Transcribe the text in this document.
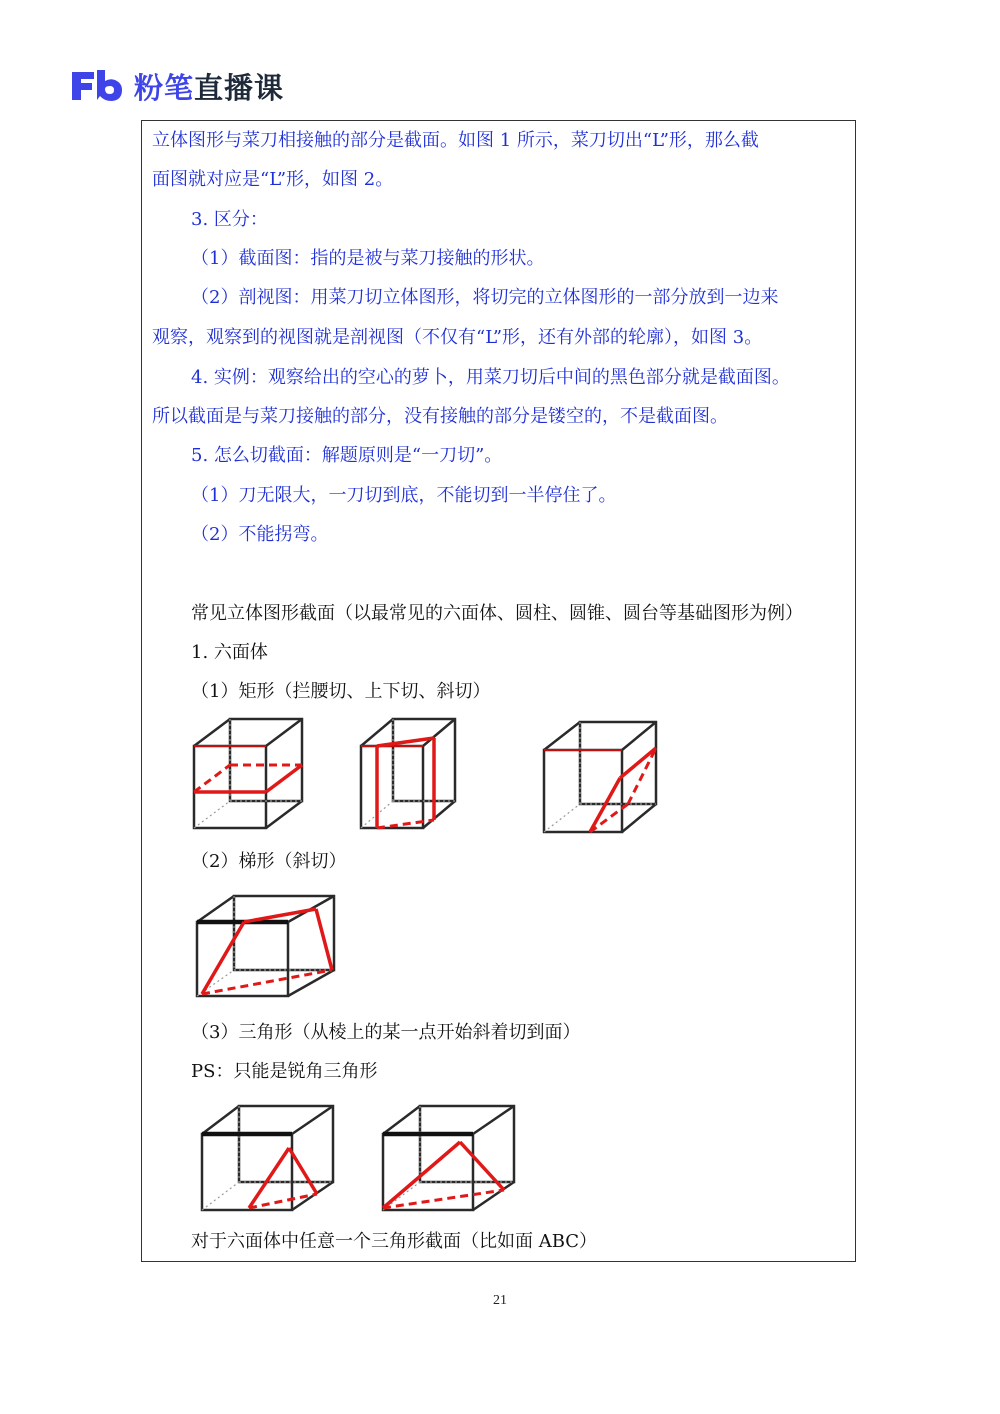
粉笔直播课
立体图形与菜刀相接触的部分是截面。如图 1 所示，菜刀切出“L”形，那么截
面图就对应是“L”形，如图 2。
3. 区分：
（1）截面图：指的是被与菜刀接触的形状。
（2）剖视图：用菜刀切立体图形，将切完的立体图形的一部分放到一边来
观察，观察到的视图就是剖视图（不仅有“L”形，还有外部的轮廓），如图 3。
4. 实例：观察给出的空心的萝卜，用菜刀切后中间的黑色部分就是截面图。
所以截面是与菜刀接触的部分，没有接触的部分是镂空的，不是截面图。
5. 怎么切截面：解题原则是“一刀切”。
（1）刀无限大，一刀切到底，不能切到一半停住了。
（2）不能拐弯。
常见立体图形截面（以最常见的六面体、圆柱、圆锥、圆台等基础图形为例）
1. 六面体
（1）矩形（拦腰切、上下切、斜切）
（2）梯形（斜切）
（3）三角形（从棱上的某一点开始斜着切到面）
PS：只能是锐角三角形
对于六面体中任意一个三角形截面（比如面 ABC）
21
